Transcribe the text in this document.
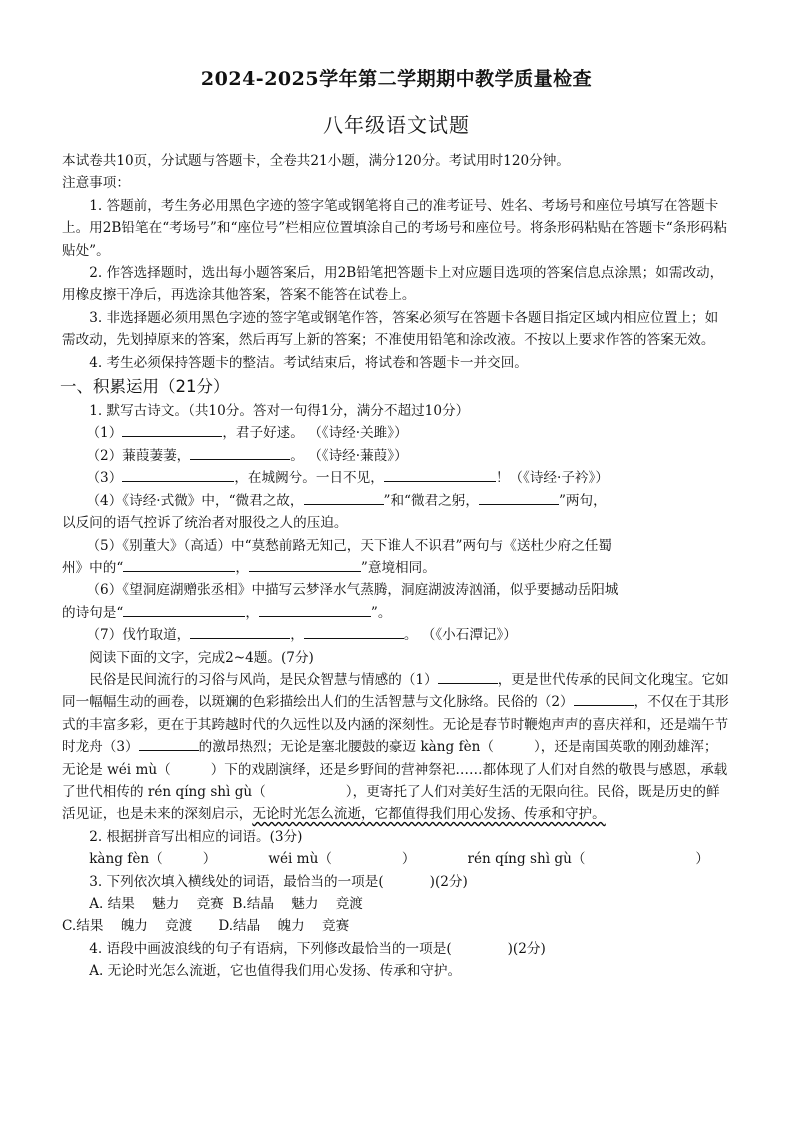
2024-2025学年第二学期期中教学质量检查
八年级语文试题

本试卷共10页，分试题与答题卡，全卷共21小题，满分120分。考试用时120分钟。

注意事项：

1. 答题前，考生务必用黑色字迹的签字笔或钢笔将自己的准考证号、姓名、考场号和座位号填写在答题卡上。用2B铅笔在“考场号”和“座位号”栏相应位置填涂自己的考场号和座位号。将条形码粘贴在答题卡“条形码粘贴处”。

2. 作答选择题时，选出每小题答案后，用2B铅笔把答题卡上对应题目选项的答案信息点涂黑；如需改动，用橡皮擦干净后，再选涂其他答案，答案不能答在试卷上。

3. 非选择题必须用黑色字迹的签字笔或钢笔作答，答案必须写在答题卡各题目指定区域内相应位置上；如需改动，先划掉原来的答案，然后再写上新的答案；不准使用铅笔和涂改液。不按以上要求作答的答案无效。

4. 考生必须保持答题卡的整洁。考试结束后，将试卷和答题卡一并交回。

一、积累运用（21分）

1. 默写古诗文。（共10分。答对一句得1分，满分不超过10分）

（1）	，君子好逑。 （《诗经·关雎》）

（2）蒹葭萋萋，	。 （《诗经·蒹葭》）

（3）	，在城阙兮。一日不见，	！（《诗经·子衿》）

（4）《诗经·式微》中，“微君之故，	”和“微君之躬，	”两句，

以反问的语气控诉了统治者对服役之人的压迫。

（5）《别董大》（高适）中“莫愁前路无知己，天下谁人不识君”两句与《送杜少府之任蜀

州》中的“	，	”意境相同。

（6）《望洞庭湖赠张丞相》中描写云梦泽水气蒸腾，洞庭湖波涛汹涌，似乎要撼动岳阳城

的诗句是“	，	”。

（7）伐竹取道，	，	。 （《小石潭记》）

阅读下面的文字，完成2~4题。(7分)

民俗是民间流行的习俗与风尚，是民众智慧与情感的（1）	，更是世代传承的民间文化瑰宝。它如同一幅幅生动的画卷，以斑斓的色彩描绘出人们的生活智慧与文化脉络。民俗的（2）	，不仅在于其形式的丰富多彩，更在于其跨越时代的久远性以及内涵的深刻性。无论是春节时鞭炮声声的喜庆祥和，还是端午节时龙舟（3）	的激昂热烈；无论是塞北腰鼓的豪迈 kàng fèn（	），还是南国英歌的刚劲雄浑；无论是 wéi mù（	）下的戏剧演绎，还是乡野间的营神祭祀……都体现了人们对自然的敬畏与感恩，承载了世代相传的 rén qíng shì gù（	），更寄托了人们对美好生活的无限向往。民俗，既是历史的鲜活见证，也是未来的深刻启示，无论时光怎么流逝，它都值得我们用心发扬、传承和守护。

2. 根据拼音写出相应的词语。(3分)

kàng fèn（	）	wéi mù（	）	rén qíng shì gù（	）

3. 下列依次填入横线处的词语，最恰当的一项是(	)(2分)

A. 结果    魅力    竞赛 B.结晶    魅力    竞渡

C.结果    魄力    竞渡 D.结晶    魄力    竞赛

4. 语段中画波浪线的句子有语病，下列修改最恰当的一项是(	)(2分)

A. 无论时光怎么流逝，它也值得我们用心发扬、传承和守护。
